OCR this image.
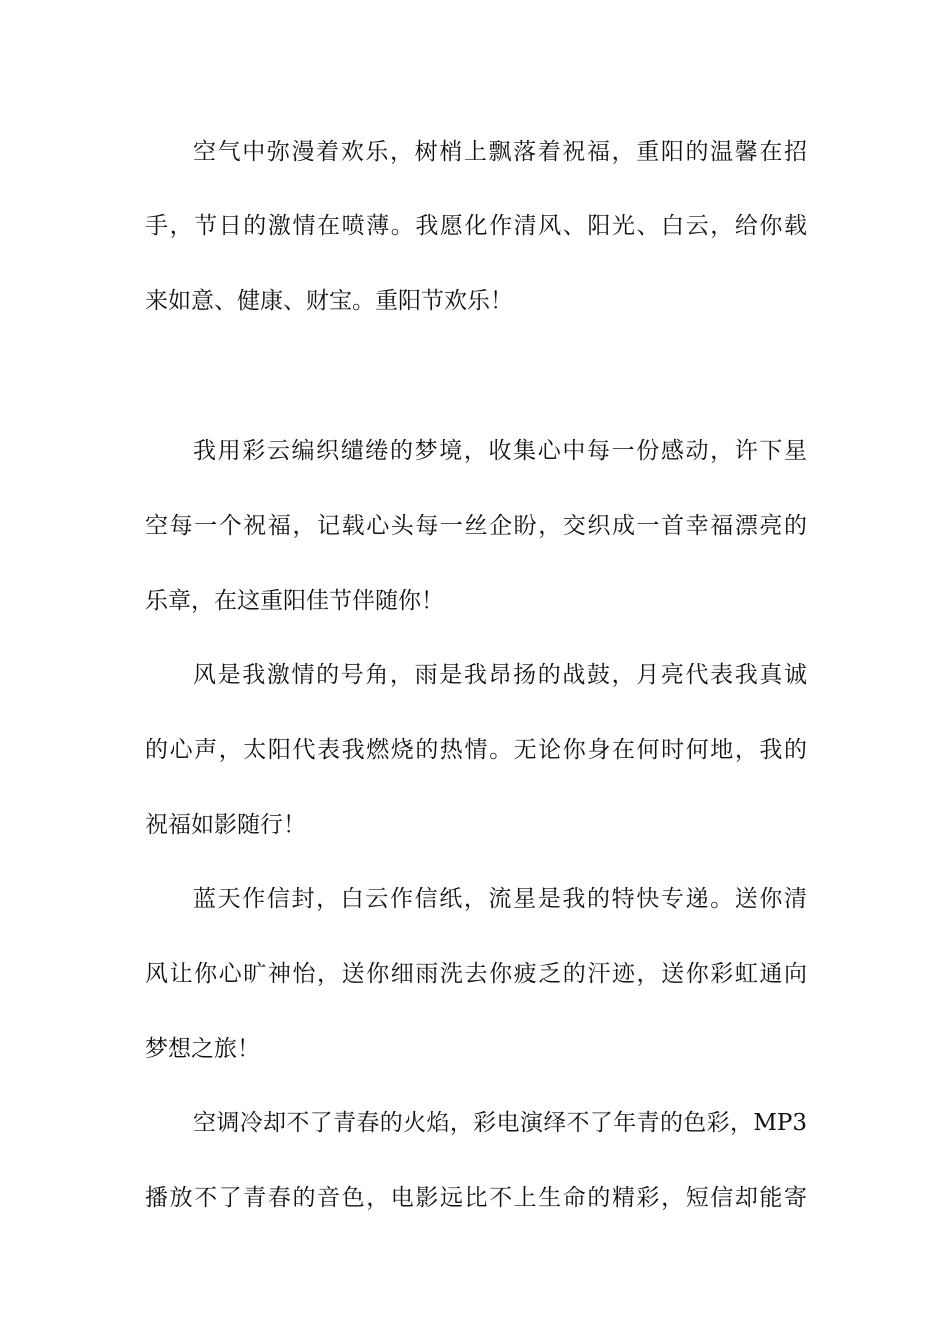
空气中弥漫着欢乐，树梢上飘落着祝福，重阳的温馨在招
手，节日的激情在喷薄。我愿化作清风、阳光、白云，给你载
来如意、健康、财宝。重阳节欢乐！
我用彩云编织缱绻的梦境，收集心中每一份感动，许下星
空每一个祝福，记载心头每一丝企盼，交织成一首幸福漂亮的
乐章，在这重阳佳节伴随你！
风是我激情的号角，雨是我昂扬的战鼓，月亮代表我真诚
的心声，太阳代表我燃烧的热情。无论你身在何时何地，我的
祝福如影随行！
蓝天作信封，白云作信纸，流星是我的特快专递。送你清
风让你心旷神怡，送你细雨洗去你疲乏的汗迹，送你彩虹通向
梦想之旅！
空调冷却不了青春的火焰，彩电演绎不了年青的色彩，MP3
播放不了青春的音色，电影远比不上生命的精彩，短信却能寄
